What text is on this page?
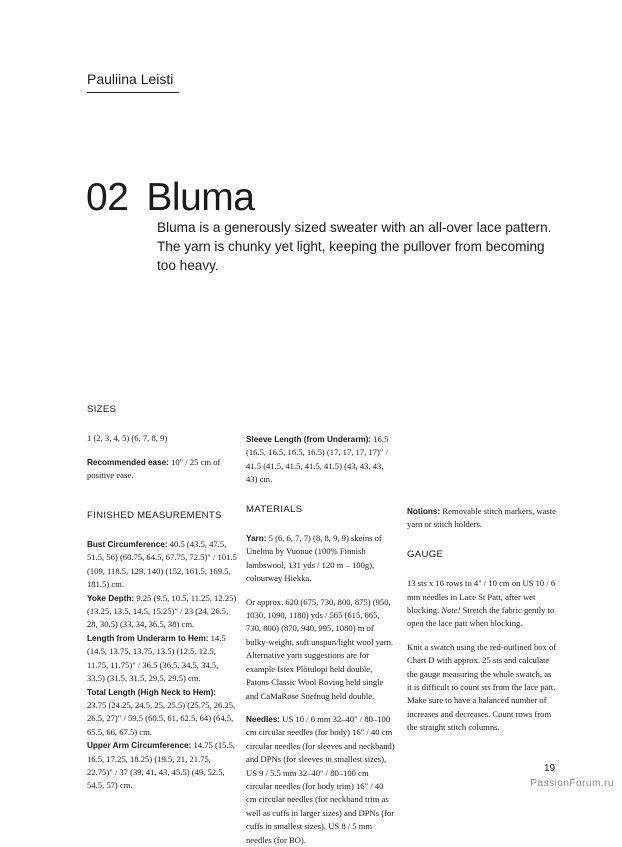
Pauliina Leisti
02 Bluma

Bluma is a generously sized sweater with an all-over lace pattern. The yarn is chunky yet light, keeping the pullover from becoming too heavy.

SIZES

1 (2, 3, 4, 5) (6, 7, 8, 9)

Recommended ease: 10" / 25 cm of positive ease.

FINISHED MEASUREMENTS

Bust Circumference: 40.5 (43.5, 47.5, 51.5, 56) (60.75, 64.5, 67.75, 72.5)" / 101.5 (109, 118.5, 129, 140) (152, 161.5, 169.5, 181.5) cm.

Yoke Depth: 9.25 (9.5, 10.5, 11.25, 12.25) (13.25, 13.5, 14.5, 15.25)" / 23 (24, 26.5, 28, 30.5) (33, 34, 36.5, 38) cm.

Length from Underarm to Hem: 14.5 (14.5, 13.75, 13.75, 13.5) (12.5, 12.5, 11.75, 11.75)" / 36.5 (36.5, 34.5, 34.5, 33.5) (31.5, 31.5, 29.5, 29.5) cm.

Total Length (High Neck to Hem): 23.75 (24.25, 24.5, 25, 25.5) (25.75, 26.25, 26.5, 27)" / 59.5 (60.5, 61, 62.5, 64) (64.5, 65.5, 66, 67.5) cm.

Upper Arm Circumference: 14.75 (15.5, 16.5, 17.25, 18.25) (19.5, 21, 21.75, 22.75)" / 37 (39, 41, 43, 45.5) (49, 52.5, 54.5, 57) cm.

Sleeve Length (from Underarm): 16.5 (16.5, 16.5, 16.5, 16.5) (17, 17, 17, 17)" / 41.5 (41.5, 41.5, 41.5, 41.5) (43, 43, 43, 43) cm.

MATERIALS

Yarn: 5 (6, 6, 7, 7) (8, 8, 9, 9) skeins of Unelma by Vuonue (100% Finnish lambswool, 131 yds / 120 m – 100g), colourway Hiekka.

Or approx. 620 (675, 730, 800, 875) (950, 1030, 1090, 1180) yds / 565 (615, 665, 730, 800) (870, 940, 995, 1080) m of bulky-weight, soft unspun/light wool yarn. Alternative yarn suggestions are for example Istex Plötulopi held double, Patons Classic Wool Roving held single and CaMaRose Snefnug held double.

Needles: US 10 / 6 mm 32–40" / 80–100 cm circular needles (for body) 16" / 40 cm circular needles (for sleeves and neckband) and DPNs (for sleeves in smallest sizes), US 9 / 5.5 mm 32–40" / 80–100 cm circular needles (for body trim) 16" / 40 cm circular needles (for neckband trim as well as cuffs in larger sizes) and DPNs (for cuffs in smallest sizes), US 8 / 5 mm needles (for BO).

Notions: Removable stitch markers, waste yarn or stitch holders.

GAUGE

13 sts x 16 rows to 4" / 10 cm on US 10 / 6 mm needles in Lace St Patt, after wet blocking. Note! Stretch the fabric gently to open the lace patt when blocking.

Knit a swatch using the red-outlined box of Chart D with approx. 25 sts and calculate the gauge measuring the whole swatch, as it is difficult to count sts from the lace patt. Make sure to have a balanced number of increases and decreases. Count rows from the straight stitch columns.

19
PassionForum.ru
